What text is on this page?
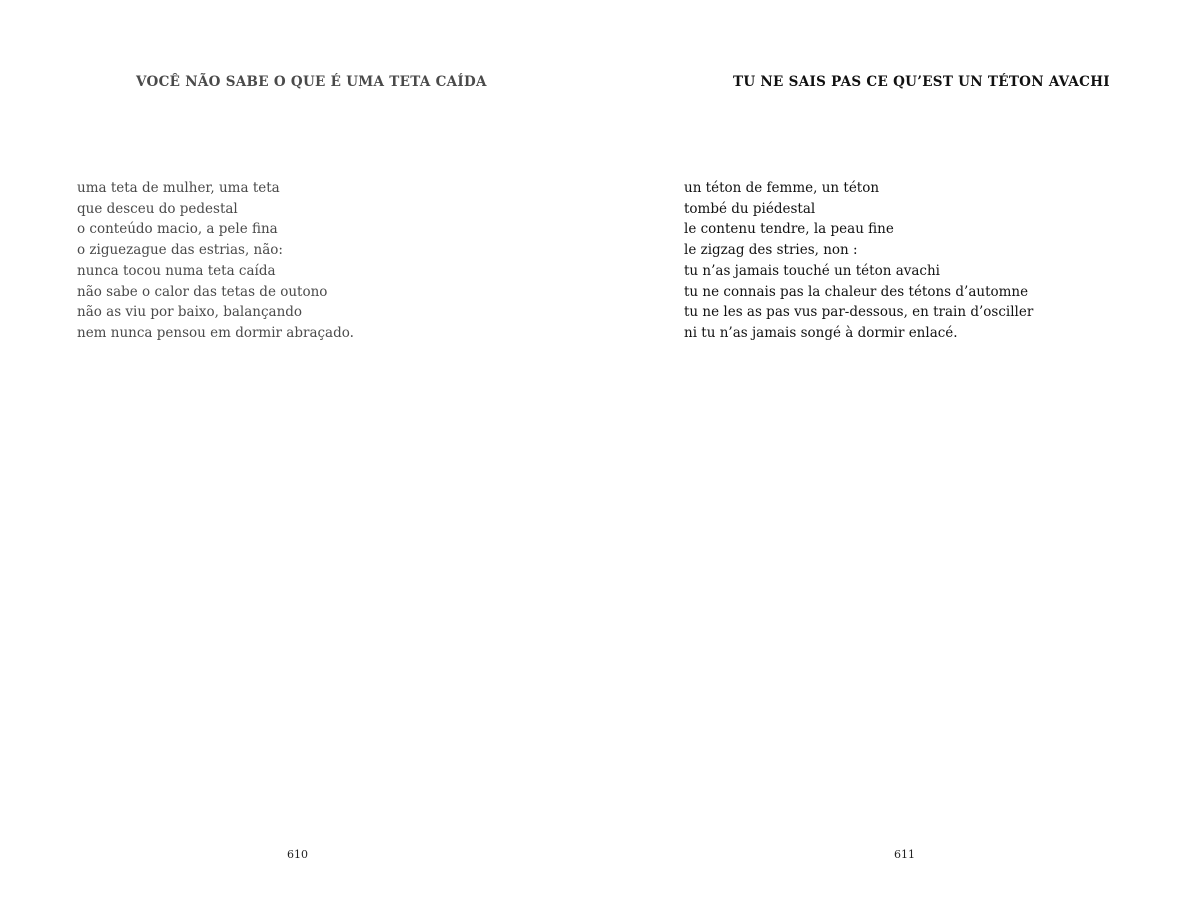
VOCÊ NÃO SABE O QUE É UMA TETA CAÍDA
uma teta de mulher, uma teta
que desceu do pedestal
o conteúdo macio, a pele fina
o ziguezague das estrias, não:
nunca tocou numa teta caída
não sabe o calor das tetas de outono
não as viu por baixo, balançando
nem nunca pensou em dormir abraçado.
610
TU NE SAIS PAS CE QU’EST UN TÉTON AVACHI
un téton de femme, un téton
tombé du piédestal
le contenu tendre, la peau fine
le zigzag des stries, non :
tu n’as jamais touché un téton avachi
tu ne connais pas la chaleur des tétons d’automne
tu ne les as pas vus par-dessous, en train d’osciller
ni tu n’as jamais songé à dormir enlacé.
611
